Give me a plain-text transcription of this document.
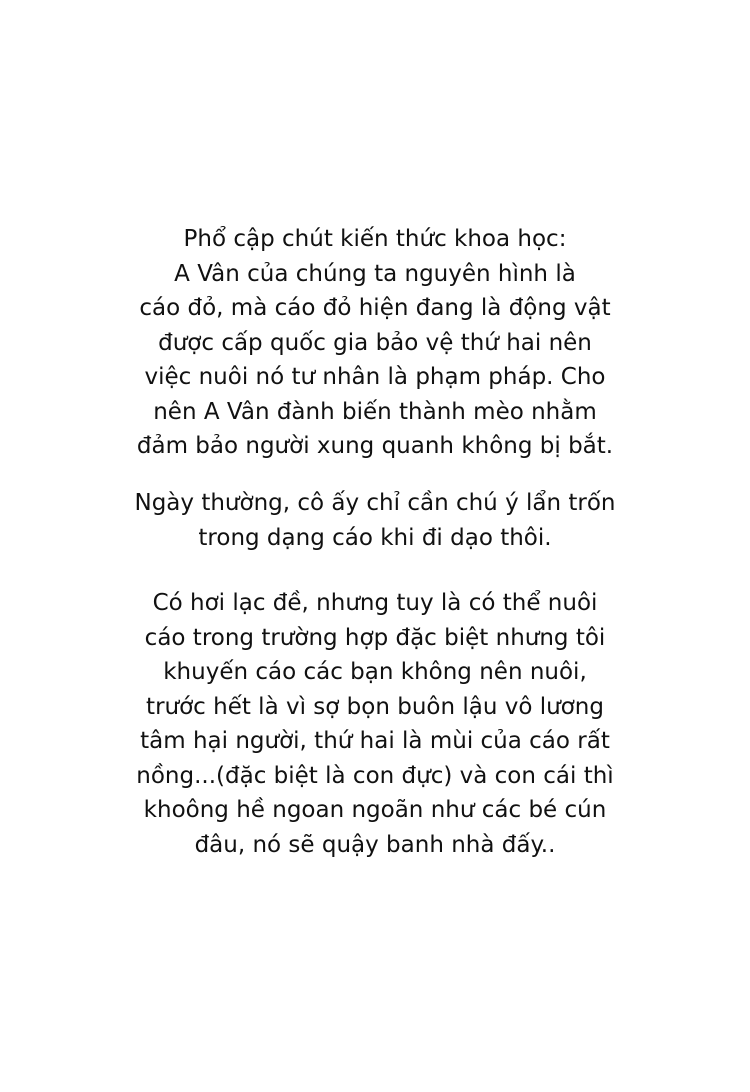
Phổ cập chút kiến thức khoa học:
A Vân của chúng ta nguyên hình là
cáo đỏ, mà cáo đỏ hiện đang là động vật
được cấp quốc gia bảo vệ thứ hai nên
việc nuôi nó tư nhân là phạm pháp. Cho
nên A Vân đành biến thành mèo nhằm
đảm bảo người xung quanh không bị bắt.
Ngày thường, cô ấy chỉ cần chú ý lẩn trốn
trong dạng cáo khi đi dạo thôi.
Có hơi lạc đề, nhưng tuy là có thể nuôi
cáo trong trường hợp đặc biệt nhưng tôi
khuyến cáo các bạn không nên nuôi,
trước hết là vì sợ bọn buôn lậu vô lương
tâm hại người, thứ hai là mùi của cáo rất
nồng...(đặc biệt là con đực) và con cái thì
khoông hề ngoan ngoãn như các bé cún
đâu, nó sẽ quậy banh nhà đấy..
